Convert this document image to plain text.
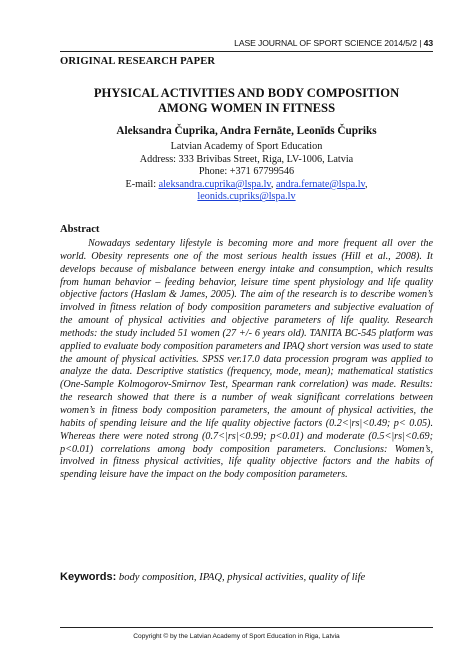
LASE JOURNAL OF SPORT SCIENCE 2014/5/2 | 43
ORIGINAL RESEARCH PAPER
PHYSICAL ACTIVITIES AND BODY COMPOSITION
AMONG WOMEN IN FITNESS
Aleksandra Čuprika, Andra Fernāte, Leonīds Čupriks
Latvian Academy of Sport Education
Address: 333 Brivibas Street, Riga, LV-1006, Latvia
Phone: +371 67799546
E-mail: aleksandra.cuprika@lspa.lv, andra.fernate@lspa.lv,
leonids.cupriks@lspa.lv
Abstract

Nowadays sedentary lifestyle is becoming more and more frequent all over the world. Obesity represents one of the most serious health issues (Hill et al., 2008). It develops because of misbalance between energy intake and consumption, which results from human behavior – feeding behavior, leisure time spent physiology and life quality objective factors (Haslam & James, 2005). The aim of the research is to describe women’s involved in fitness relation of body composition parameters and subjective evaluation of the amount of physical activities and objective parameters of life quality. Research methods: the study included 51 women (27 +/- 6 years old). TANITA BC-545 platform was applied to evaluate body composition parameters and IPAQ short version was used to state the amount of physical activities. SPSS ver.17.0 data procession program was applied to analyze the data. Descriptive statistics (frequency, mode, mean); mathematical statistics (One-Sample Kolmogorov-Smirnov Test, Spearman rank correlation) was made. Results: the research showed that there is a number of weak significant correlations between women’s in fitness body composition parameters, the amount of physical activities, the habits of spending leisure and the life quality objective factors (0.2<|rs|<0.49; p< 0.05). Whereas there were noted strong (0.7<|rs|<0.99; p<0.01) and moderate (0.5<|rs|<0.69; p<0.01) correlations among body composition parameters. Conclusions: Women’s, involved in fitness physical activities, life quality objective factors and the habits of spending leisure have the impact on the body composition parameters.

Keywords: body composition, IPAQ, physical activities, quality of life
Copyright © by the Latvian Academy of Sport Education in Riga, Latvia
